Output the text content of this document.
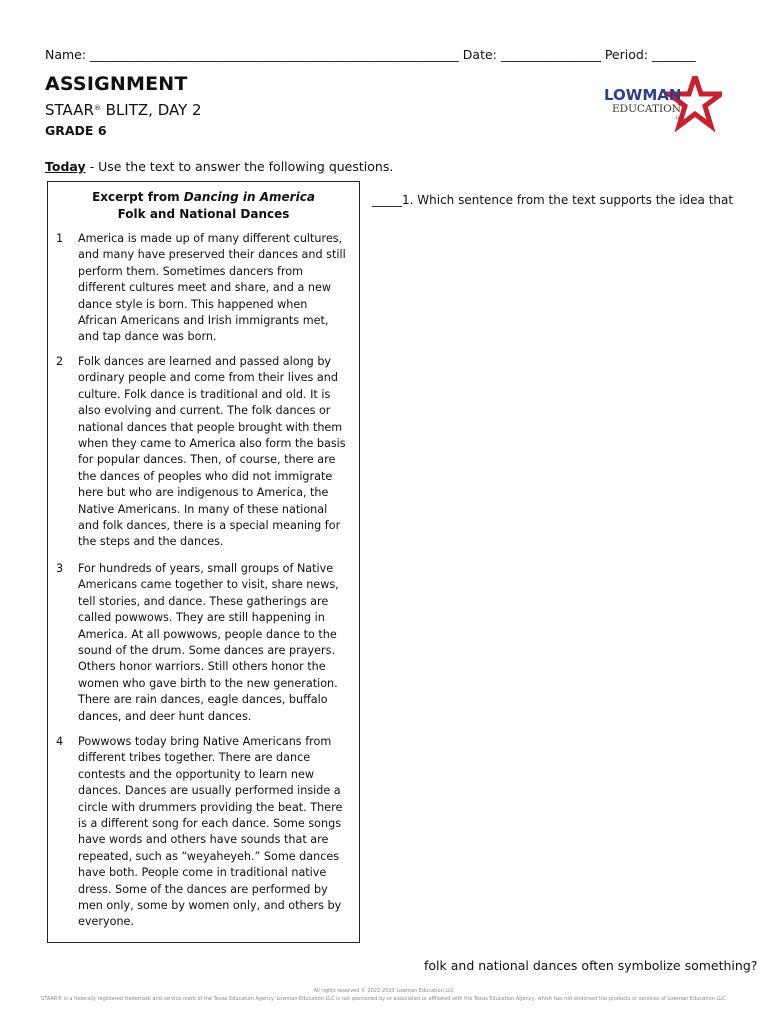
Name: ___________________________________________________________ Date: ________________ Period: _______
ASSIGNMENT
STAAR® BLITZ, DAY 2
GRADE 6
LOWMAN
EDUCATION
LLC
Today - Use the text to answer the following questions.
Excerpt from Dancing in America
Folk and National Dances
1 America is made up of many different cultures, and many have preserved their dances and still perform them. Sometimes dancers from different cultures meet and share, and a new dance style is born. This happened when African Americans and Irish immigrants met, and tap dance was born.
2 Folk dances are learned and passed along by ordinary people and come from their lives and culture. Folk dance is traditional and old. It is also evolving and current. The folk dances or national dances that people brought with them when they came to America also form the basis for popular dances. Then, of course, there are the dances of peoples who did not immigrate here but who are indigenous to America, the Native Americans. In many of these national and folk dances, there is a special meaning for the steps and the dances.
3 For hundreds of years, small groups of Native Americans came together to visit, share news, tell stories, and dance. These gatherings are called powwows. They are still happening in America. At all powwows, people dance to the sound of the drum. Some dances are prayers. Others honor warriors. Still others honor the women who gave birth to the new generation. There are rain dances, eagle dances, buffalo dances, and deer hunt dances.
4 Powwows today bring Native Americans from different tribes together. There are dance contests and the opportunity to learn new dances. Dances are usually performed inside a circle with drummers providing the beat. There is a different song for each dance. Some songs have words and others have sounds that are repeated, such as “weyaheyeh.” Some dances have both. People come in traditional native dress. Some of the dances are performed by men only, some by women only, and others by everyone.
_____1. Which sentence from the text supports the idea that
folk and national dances often symbolize something?
All rights reserved © 2022-2023 Lowman Education LLC
STAAR® is a federally registered trademark and service mark of the Texas Education Agency. Lowman Education LLC is not sponsored by or associated or affiliated with the Texas Education Agency, which has not endorsed the products or services of Lowman Education LLC.
